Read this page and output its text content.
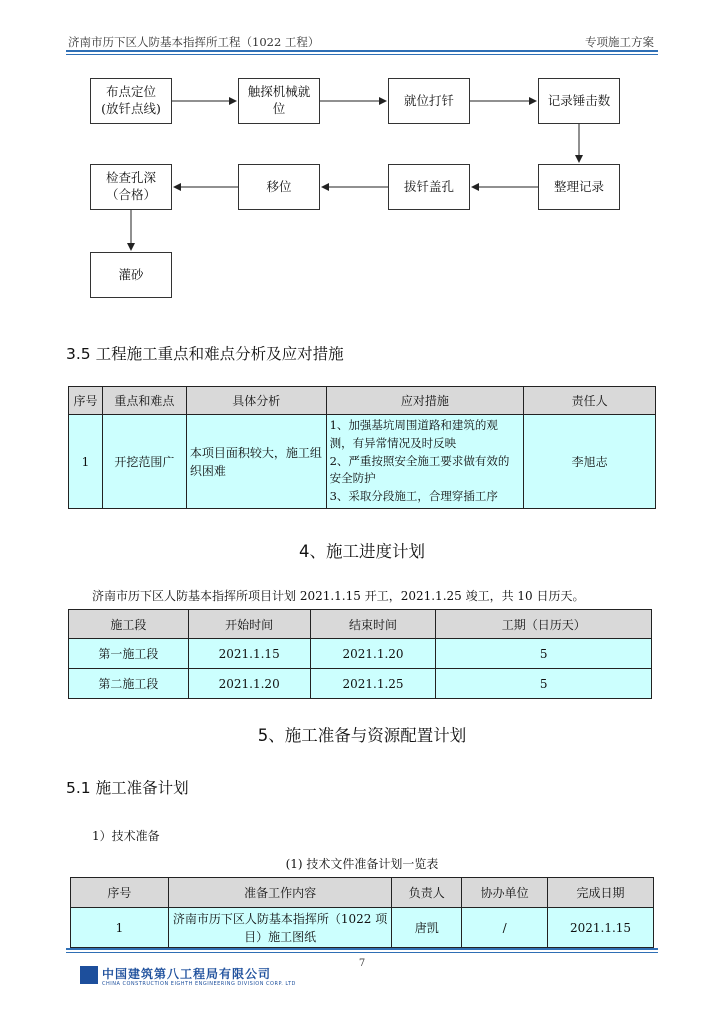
济南市历下区人防基本指挥所工程（1022 工程）	专项施工方案
布点定位
(放钎点线)
触探机械就
位
就位打钎	记录锤击数
整理记录
拔钎盖孔
移位
检查孔深
（合格）
灌砂
3.5 工程施工重点和难点分析及应对措施
序号	重点和难点	具体分析	应对措施	责任人
1	开挖范围广	本项目面积较大，施工组织困难	1、加强基坑周围道路和建筑的观测，有异常情况及时反映
2、严重按照安全施工要求做有效的安全防护
3、采取分段施工，合理穿插工序	李旭志
4、施工进度计划
济南市历下区人防基本指挥所项目计划 2021.1.15 开工，2021.1.25 竣工，共 10 日历天。
施工段	开始时间	结束时间	工期（日历天）
第一施工段	2021.1.15	2021.1.20	5
第二施工段	2021.1.20	2021.1.25	5
5、施工准备与资源配置计划
5.1 施工准备计划
1）技术准备
(1) 技术文件准备计划一览表
序号	准备工作内容	负责人	协办单位	完成日期
1	济南市历下区人防基本指挥所（1022 项目）施工图纸	唐凯	/	2021.1.15
7
中国建筑第八工程局有限公司
CHINA CONSTRUCTION EIGHTH ENGINEERING DIVISION CORP. LTD
